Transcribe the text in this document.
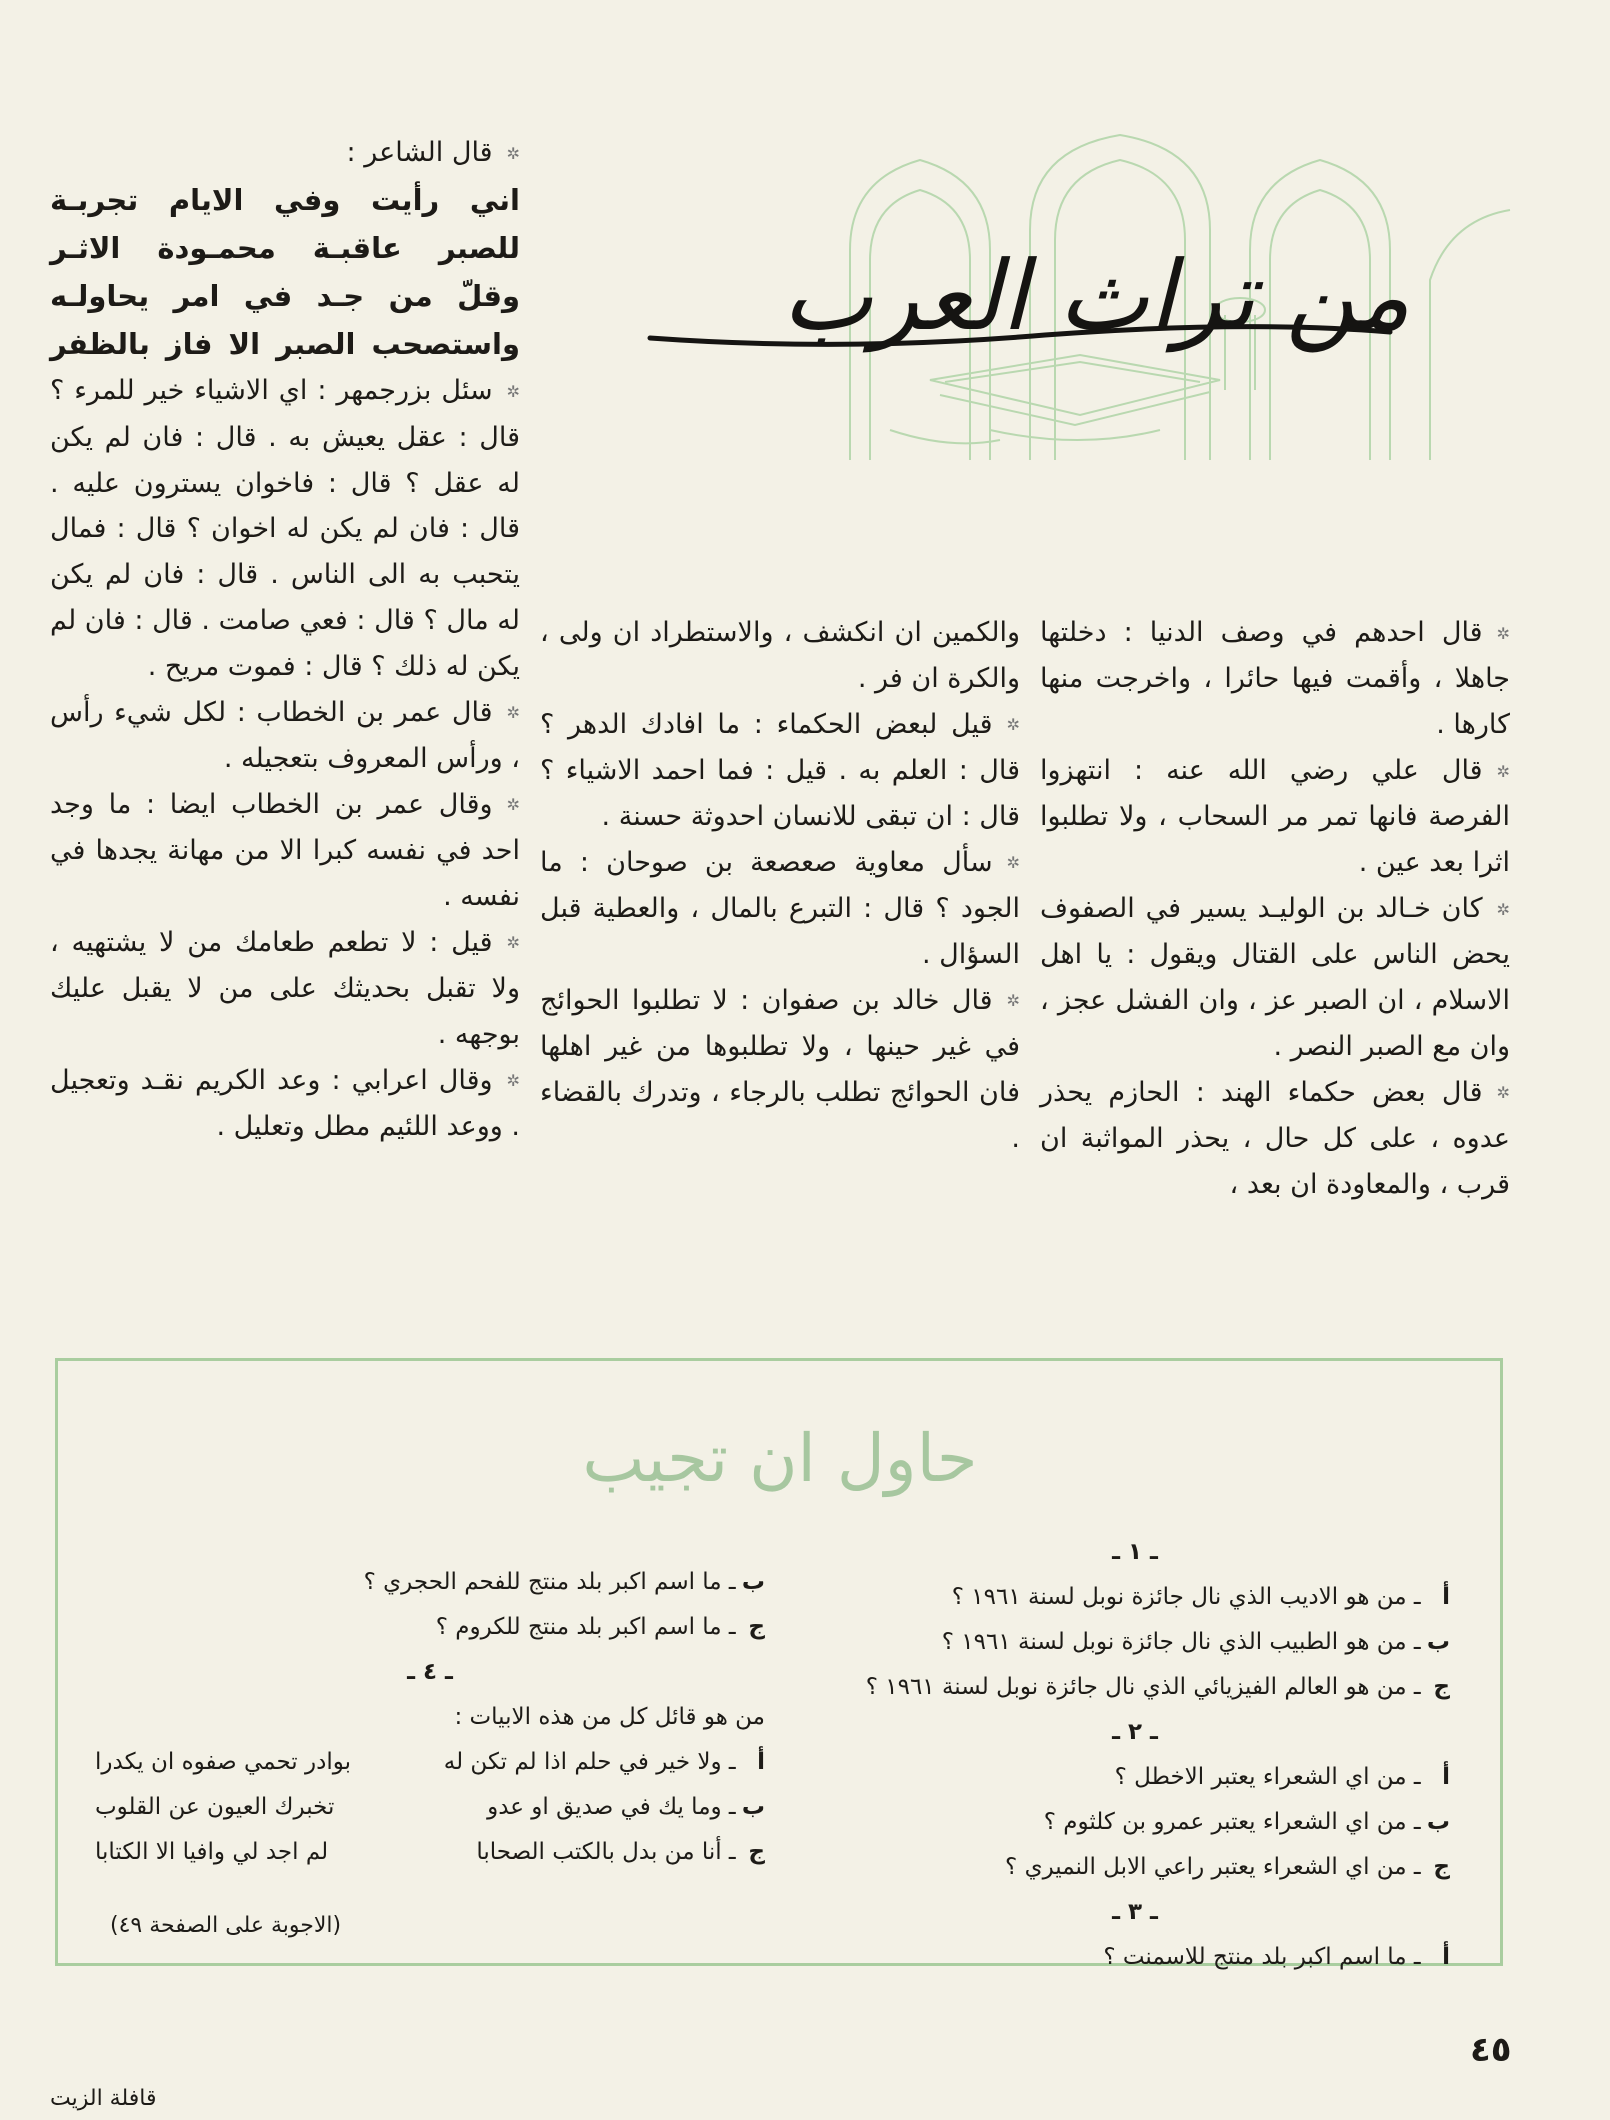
من تراث العرب

✲قال الشاعر :

اني رأيت وفي الايام تجربـة

للصبر عاقبـة محمـودة الاثـر

وقلّ من جـد في امر يحاولـه

واستصحب الصبر الا فاز بالظفر

✲سئل بزرجمهر : اي الاشياء خير للمرء ؟ قال : عقل يعيش به . قال : فان لم يكن له عقل ؟ قال : فاخوان يسترون عليه . قال : فان لم يكن له اخوان ؟ قال : فمال يتحبب به الى الناس . قال : فان لم يكن له مال ؟ قال : فعي صامت . قال : فان لم يكن له ذلك ؟ قال : فموت مريح .

✲قال عمر بن الخطاب : لكل شيء رأس ، ورأس المعروف بتعجيله .

✲وقال عمر بن الخطاب ايضا : ما وجد احد في نفسه كبرا الا من مهانة يجدها في نفسه .

✲قيل : لا تطعم طعامك من لا يشتهيه ، ولا تقبل بحديثك على من لا يقبل عليك بوجهه .

✲وقال اعرابي : وعد الكريم نقـد وتعجيل . ووعد اللئيم مطل وتعليل .

والكمين ان انكشف ، والاستطراد ان ولى ، والكرة ان فر .

✲قيل لبعض الحكماء : ما افادك الدهر ؟ قال : العلم به . قيل : فما احمد الاشياء ؟ قال : ان تبقى للانسان احدوثة حسنة .

✲سأل معاوية صعصعة بن صوحان : ما الجود ؟ قال : التبرع بالمال ، والعطية قبل السؤال .

✲قال خالد بن صفوان : لا تطلبوا الحوائج في غير حينها ، ولا تطلبوها من غير اهلها فان الحوائج تطلب بالرجاء ، وتدرك بالقضاء .

✲قال احدهم في وصف الدنيا : دخلتها جاهلا ، وأقمت فيها حائرا ، واخرجت منها كارها .

✲قال علي رضي الله عنه : انتهزوا الفرصة فانها تمر مر السحاب ، ولا تطلبوا اثرا بعد عين .

✲كان خـالد بن الوليـد يسير في الصفوف يحض الناس على القتال ويقول : يا اهل الاسلام ، ان الصبر عز ، وان الفشل عجز ، وان مع الصبر النصر .

✲قال بعض حكماء الهند : الحازم يحذر عدوه ، على كل حال ، يحذر المواثبة ان قرب ، والمعاودة ان بعد ،

حاول ان تجيب

ـ ١ ـ

أ ـ من هو الاديب الذي نال جائزة نوبل لسنة ١٩٦١ ؟

ب ـ من هو الطبيب الذي نال جائزة نوبل لسنة ١٩٦١ ؟

ج ـ من هو العالم الفيزيائي الذي نال جائزة نوبل لسنة ١٩٦١ ؟

ـ ٢ ـ

أ ـ من اي الشعراء يعتبر الاخطل ؟

ب ـ من اي الشعراء يعتبر عمرو بن كلثوم ؟

ج ـ من اي الشعراء يعتبر راعي الابل النميري ؟

ـ ٣ ـ

أ ـ ما اسم اكبر بلد منتج للاسمنت ؟

ب ـ ما اسم اكبر بلد منتج للفحم الحجري ؟

ج ـ ما اسم اكبر بلد منتج للكروم ؟

ـ ٤ ـ

من هو قائل كل من هذه الابيات :

أ ـ ولا خير في حلم اذا لم تكن له
بوادر تحمي صفوه ان يكدرا

ب ـ وما يك في صديق او عدو
تخبرك العيون عن القلوب

ج ـ أنا من بدل بالكتب الصحابا
لم اجد لي وافيا الا الكتابا

(الاجوبة على الصفحة ٤٩)
٤٥
قافلة الزيت
